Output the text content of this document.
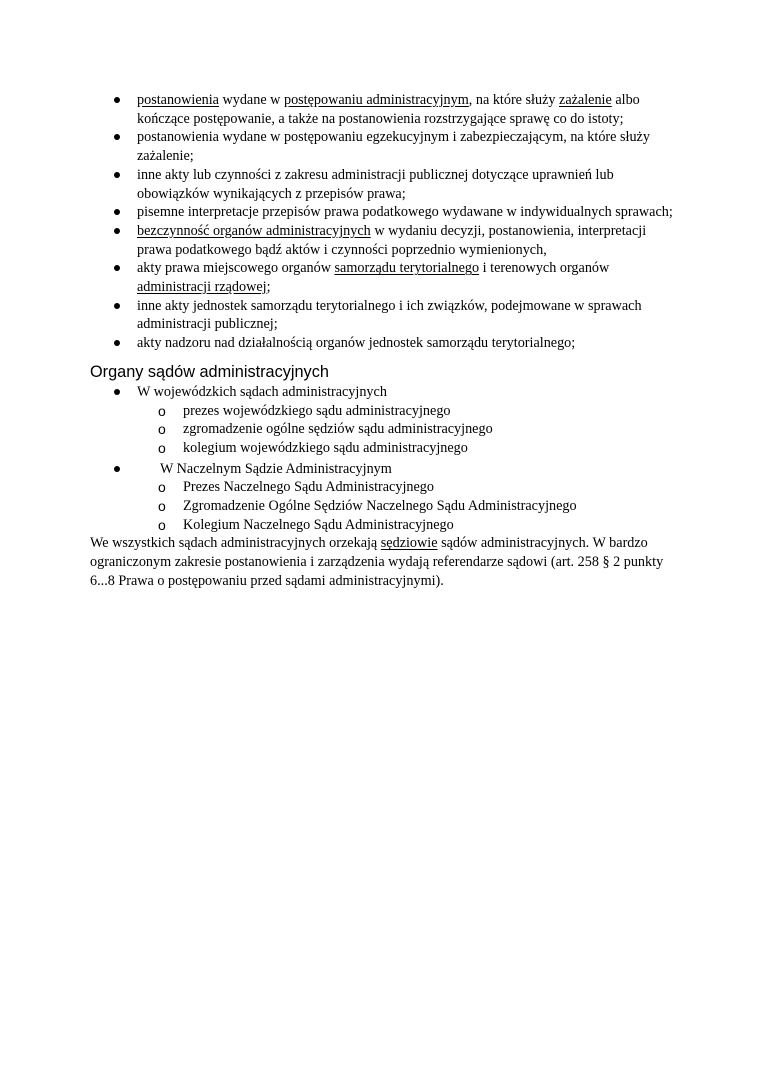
postanowienia wydane w postępowaniu administracyjnym, na które służy zażalenie albo kończące postępowanie, a także na postanowienia rozstrzygające sprawę co do istoty;
postanowienia wydane w postępowaniu egzekucyjnym i zabezpieczającym, na które służy zażalenie;
inne akty lub czynności z zakresu administracji publicznej dotyczące uprawnień lub obowiązków wynikających z przepisów prawa;
pisemne interpretacje przepisów prawa podatkowego wydawane w indywidualnych sprawach;
bezczynność organów administracyjnych w wydaniu decyzji, postanowienia, interpretacji prawa podatkowego bądź aktów i czynności poprzednio wymienionych,
akty prawa miejscowego organów samorządu terytorialnego i terenowych organów administracji rządowej;
inne akty jednostek samorządu terytorialnego i ich związków, podejmowane w sprawach administracji publicznej;
akty nadzoru nad działalnością organów jednostek samorządu terytorialnego;
Organy sądów administracyjnych
W wojewódzkich sądach administracyjnych
o prezes wojewódzkiego sądu administracyjnego
o zgromadzenie ogólne sędziów sądu administracyjnego
o kolegium wojewódzkiego sądu administracyjnego
W Naczelnym Sądzie Administracyjnym
o Prezes Naczelnego Sądu Administracyjnego
o Zgromadzenie Ogólne Sędziów Naczelnego Sądu Administracyjnego
o Kolegium Naczelnego Sądu Administracyjnego

We wszystkich sądach administracyjnych orzekają sędziowie sądów administracyjnych. W bardzo ograniczonym zakresie postanowienia i zarządzenia wydają referendarze sądowi (art. 258 § 2 punkty 6...8 Prawa o postępowaniu przed sądami administracyjnymi).
